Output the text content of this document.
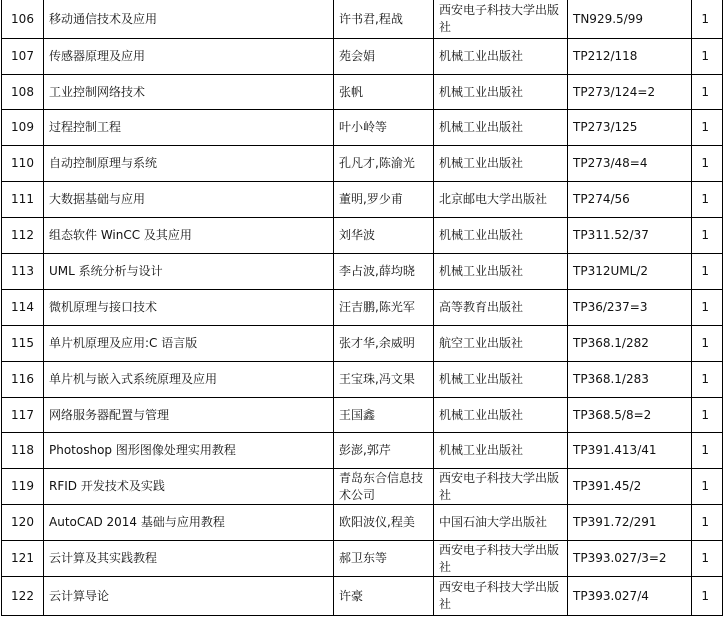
106	移动通信技术及应用	许书君,程战	西安电子科技大学出版社	TN929.5/99	1
107	传感器原理及应用	苑会娟	机械工业出版社	TP212/118	1
108	工业控制网络技术	张帆	机械工业出版社	TP273/124=2	1
109	过程控制工程	叶小岭等	机械工业出版社	TP273/125	1
110	自动控制原理与系统	孔凡才,陈渝光	机械工业出版社	TP273/48=4	1
111	大数据基础与应用	董明,罗少甫	北京邮电大学出版社	TP274/56	1
112	组态软件 WinCC 及其应用	刘华波	机械工业出版社	TP311.52/37	1
113	UML 系统分析与设计	李占波,薛均晓	机械工业出版社	TP312UML/2	1
114	微机原理与接口技术	汪吉鹏,陈光军	高等教育出版社	TP36/237=3	1
115	单片机原理及应用:C 语言版	张才华,余威明	航空工业出版社	TP368.1/282	1
116	单片机与嵌入式系统原理及应用	王宝珠,冯文果	机械工业出版社	TP368.1/283	1
117	网络服务器配置与管理	王国鑫	机械工业出版社	TP368.5/8=2	1
118	Photoshop 图形图像处理实用教程	彭澎,郭芹	机械工业出版社	TP391.413/41	1
119	RFID 开发技术及实践	青岛东合信息技术公司	西安电子科技大学出版社	TP391.45/2	1
120	AutoCAD 2014 基础与应用教程	欧阳波仪,程美	中国石油大学出版社	TP391.72/291	1
121	云计算及其实践教程	郝卫东等	西安电子科技大学出版社	TP393.027/3=2	1
122	云计算导论	许豪	西安电子科技大学出版社	TP393.027/4	1
